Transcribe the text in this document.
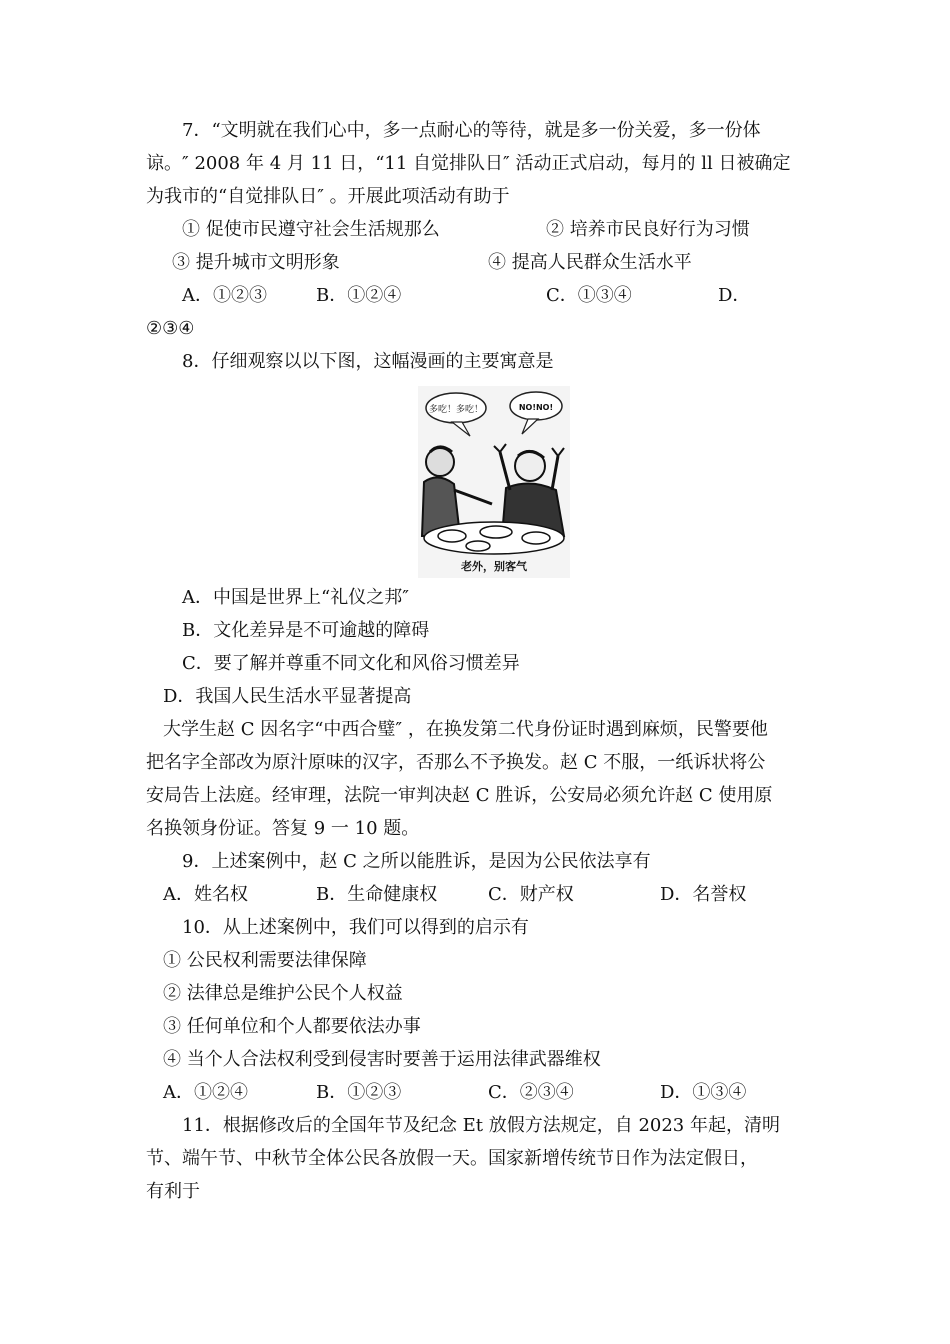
7．“文明就在我们心中，多一点耐心的等待，就是多一份关爱，多一份体
谅。″ 2008 年 4 月 11 日，“11 自觉排队日″ 活动正式启动，每月的 ll 日被确定
为我市的“自觉排队日″ 。开展此项活动有助于
① 促使市民遵守社会生活规那么	② 培养市民良好行为习惯
③ 提升城市文明形象	④ 提高人民群众生活水平
A．①②③	B．①②④	C．①③④	D．
②③④
8．仔细观察以以下图，这幅漫画的主要寓意是
多吃！多吃！	NO!NO!
老外，别客气
A．中国是世界上“礼仪之邦″
B．文化差异是不可逾越的障碍
C．要了解并尊重不同文化和风俗习惯差异
D．我国人民生活水平显著提高
大学生赵 C 因名字“中西合璧″ ，在换发第二代身份证时遇到麻烦，民警要他
把名字全部改为原汁原味的汉字，否那么不予换发。赵 C 不服，一纸诉状将公
安局告上法庭。经审理，法院一审判决赵 C 胜诉，公安局必须允许赵 C 使用原
名换领身份证。答复 9 一 10 题。
9．上述案例中，赵 C 之所以能胜诉，是因为公民依法享有
A．姓名权	B．生命健康权	C．财产权	D．名誉权
10．从上述案例中，我们可以得到的启示有
① 公民权利需要法律保障
② 法律总是维护公民个人权益
③ 任何单位和个人都要依法办事
④ 当个人合法权利受到侵害时要善于运用法律武器维权
A．①②④	B．①②③	C．②③④	D．①③④
11．根据修改后的全国年节及纪念 Et 放假方法规定，自 2023 年起，清明
节、端午节、中秋节全体公民各放假一天。国家新增传统节日作为法定假日，
有利于
